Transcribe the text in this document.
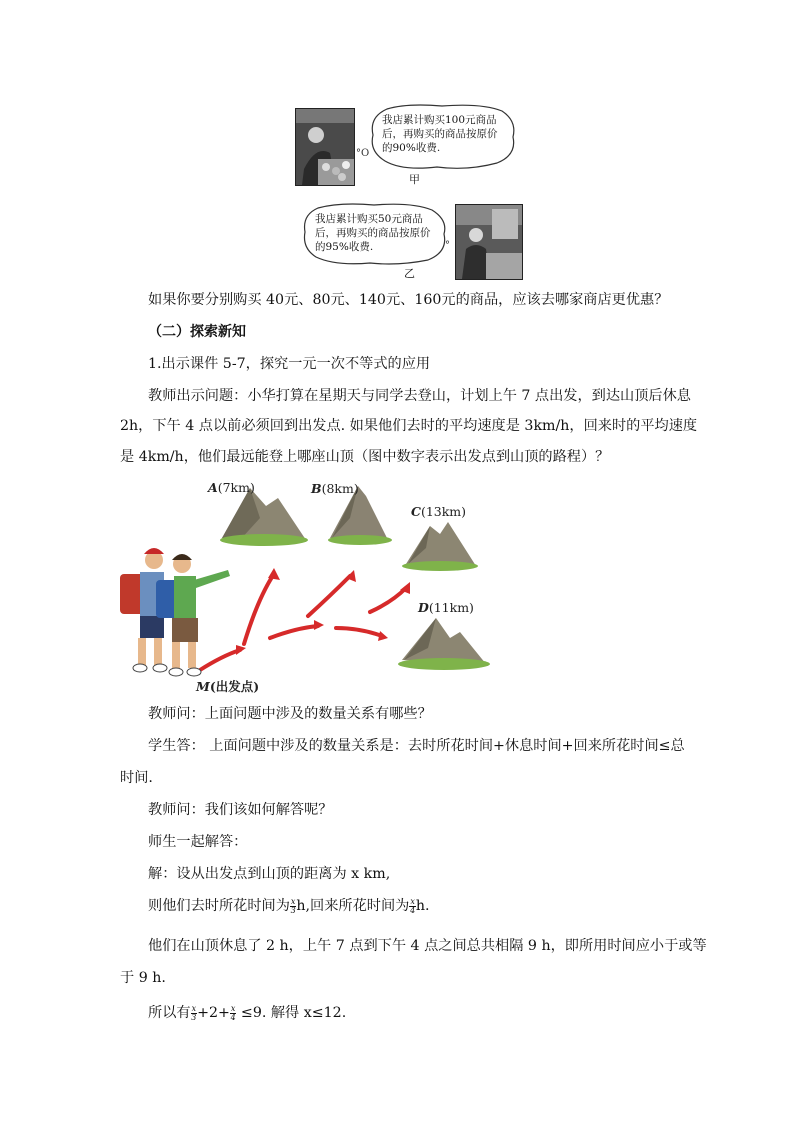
°O
我店累计购买100元商品后，再购买的商品按原价的90%收费.
甲
我店累计购买50元商品后，再购买的商品按原价的95%收费.	°
乙
如果你要分别购买 40元、80元、140元、160元的商品，应该去哪家商店更优惠？
（二）探索新知
1.出示课件 5-7，探究一元一次不等式的应用
教师出示问题：小华打算在星期天与同学去登山，计划上午 7 点出发，到达山顶后休息
2h，下午 4 点以前必须回到出发点. 如果他们去时的平均速度是 3km/h，回来时的平均速度
是 4km/h，他们最远能登上哪座山顶（图中数字表示出发点到山顶的路程）？
A(7km)	B(8km)
C(13km)
D(11km)
M(出发点)
教师问：上面问题中涉及的数量关系有哪些？
学生答： 上面问题中涉及的数量关系是：去时所花时间+休息时间+回来所花时间≤总
时间.
教师问：我们该如何解答呢？
师生一起解答：
解：设从出发点到山顶的距离为 x km,
则他们去时所花时间为 $\frac{x}{3} h$,回来所花时间为 $\frac{x}{4} h$.
他们在山顶休息了 2 h，上午 7 点到下午 4 点之间总共相隔 9 h，即所用时间应小于或等
于 9 h.
所以有 $\frac{x}{3} +2+ \frac{x}{4} \le 9$. 解得 x≤12.
